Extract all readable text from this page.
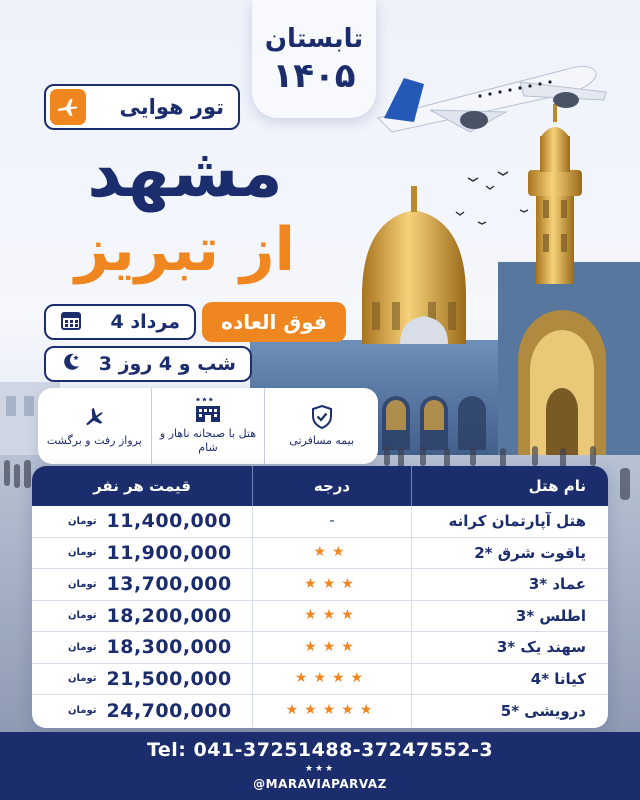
تابستان
۱۴۰۵
تور هوایی
مشهد
از تبریز
4 مرداد	فوق العاده
3 شب و 4 روز
بیمه مسافرتی
هتل با صبحانه ناهار و شام
پرواز رفت و برگشت
نام هتل
درجه
قیمت هر نفر
هتل آپارتمان کرانه
-
تومان 11,400,000
یاقوت شرق *2
★★
تومان 11,900,000
عماد *3
★★★
تومان 13,700,000
اطلس *3
★★★
تومان 18,200,000
سهند یک *3
★★★
تومان 18,300,000
کیانا *4
★★★★
تومان 21,500,000
درویشی *5
★★★★★
تومان 24,700,000
Tel: 041-37251488-37247552-3
★★★
@MARAVIAPARVAZ
